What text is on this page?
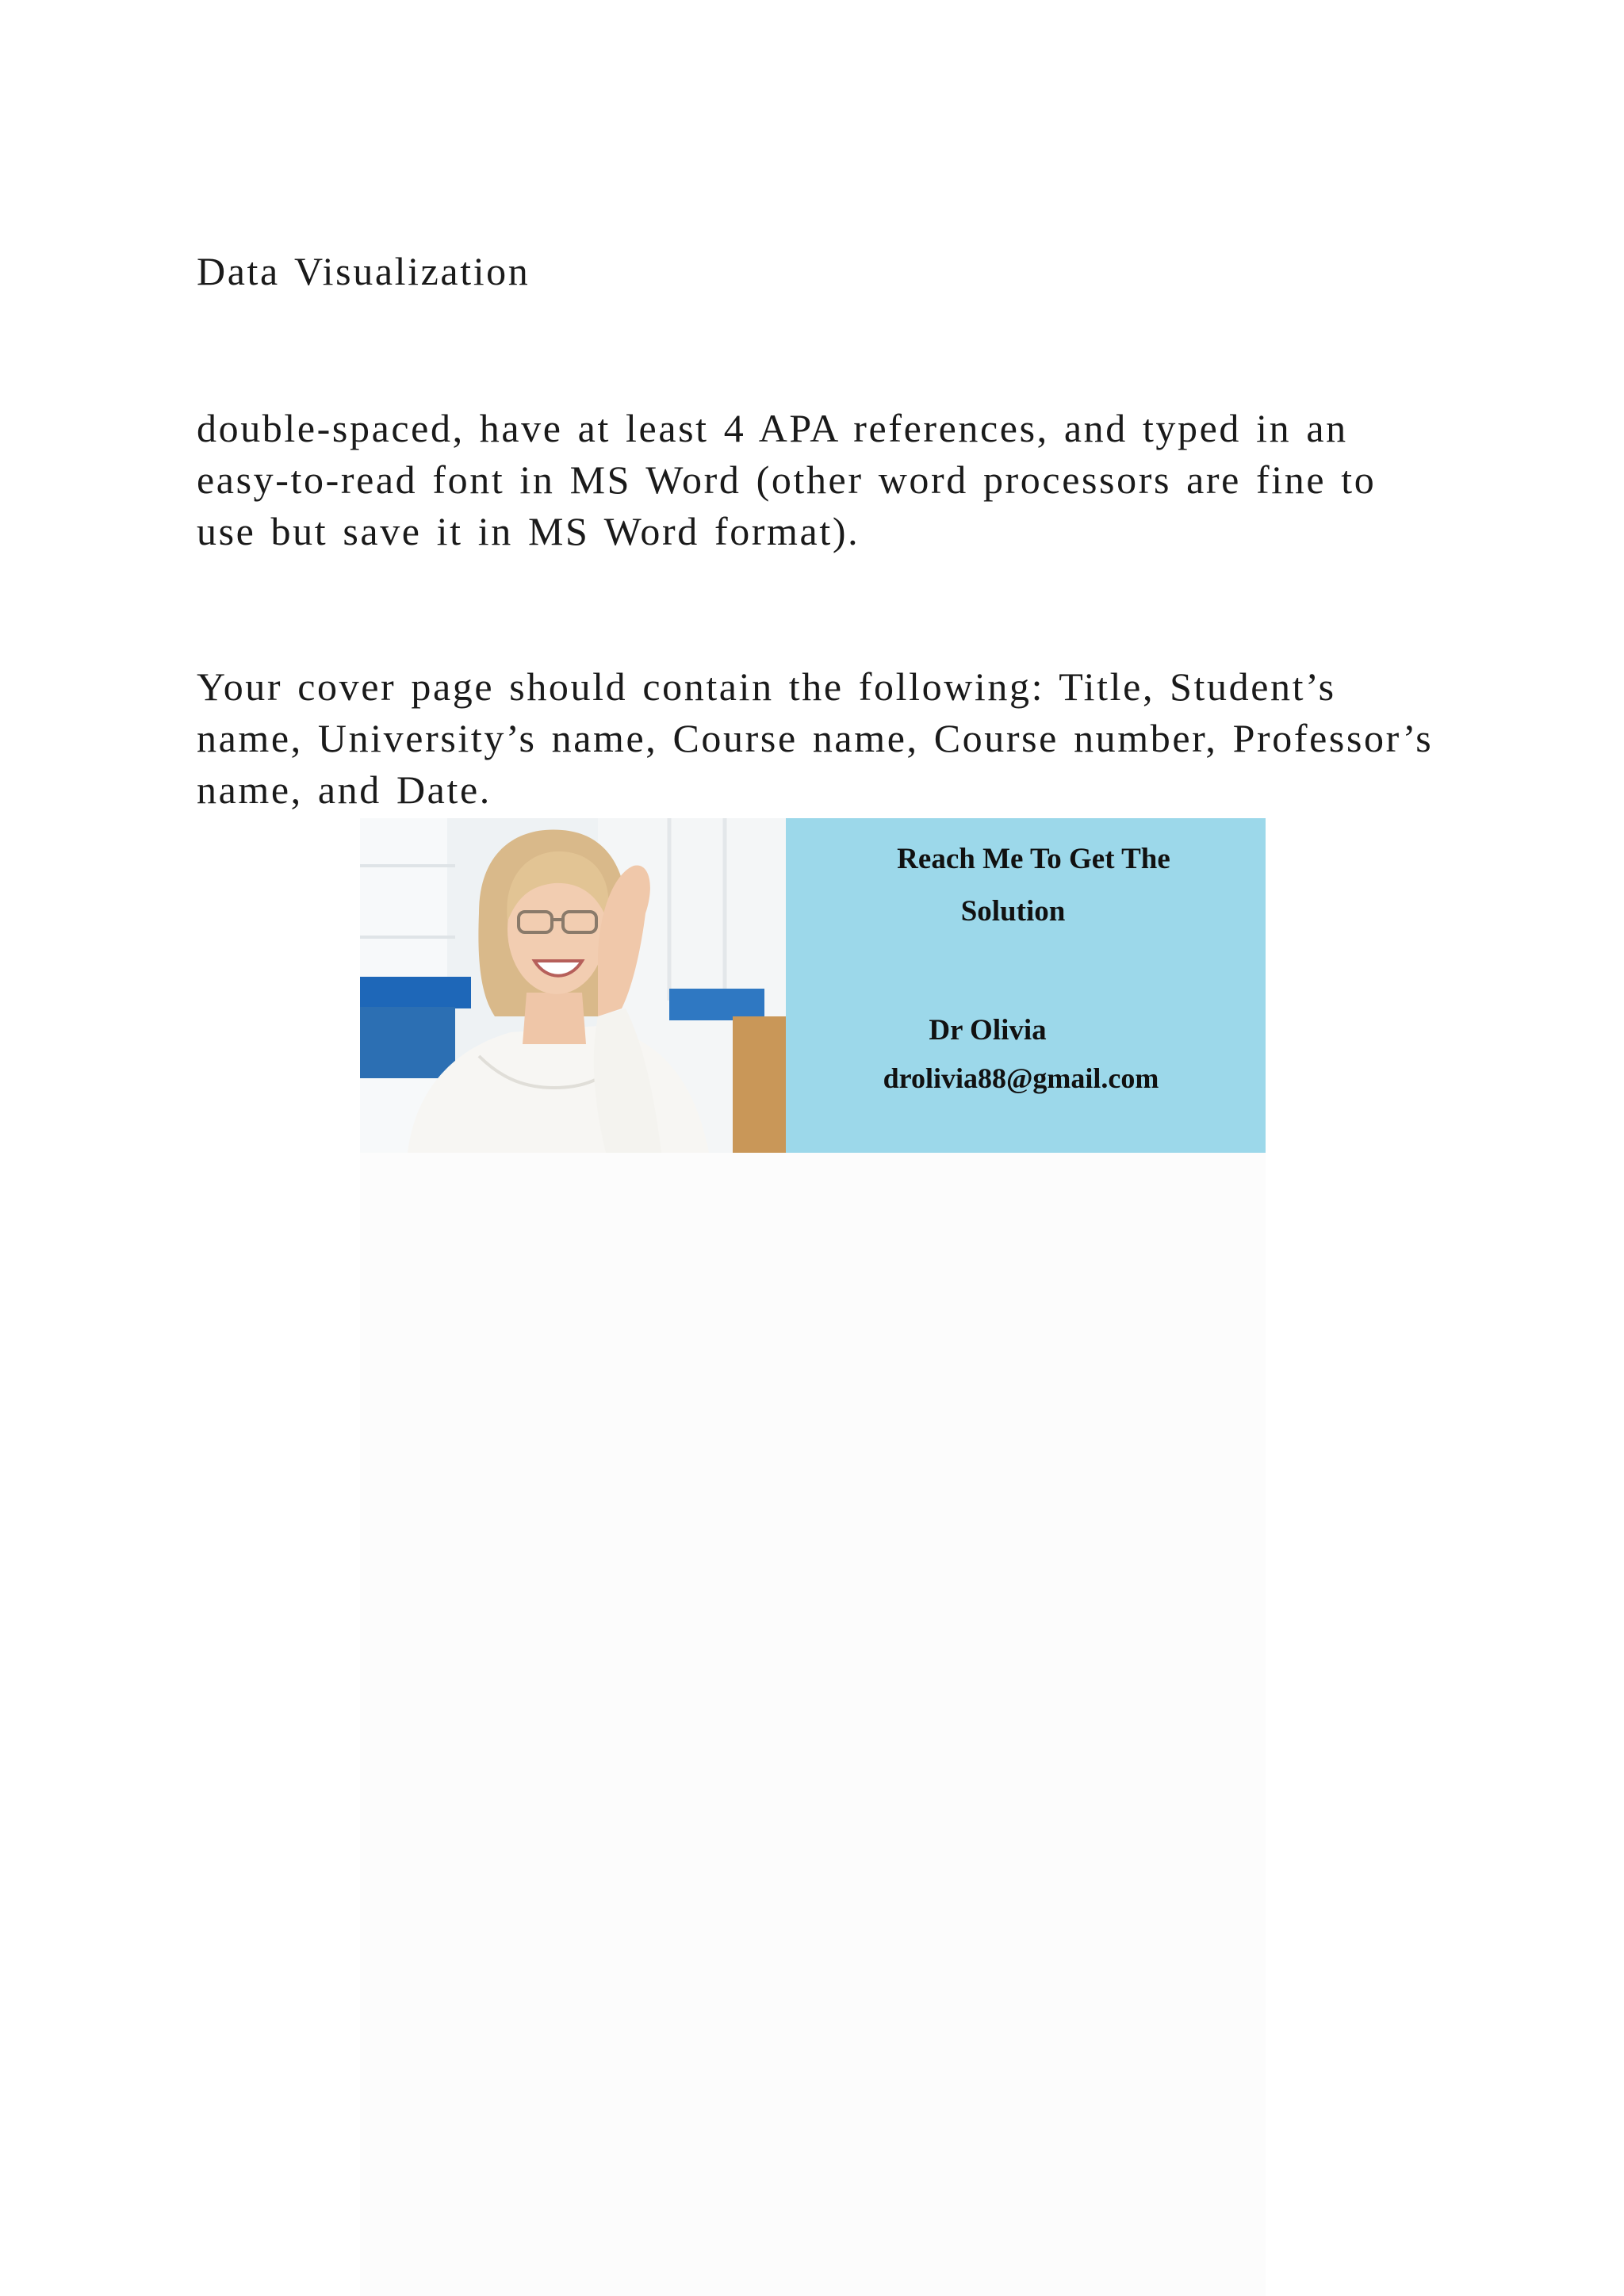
Data Visualization

double-spaced, have at least 4 APA references, and typed in an easy-to-read font in MS Word (other word processors are fine to use but save it in MS Word format).

Your cover page should contain the following: Title, Student’s name, University’s name, Course name, Course number, Professor’s name, and Date.

Reach Me To Get The
Solution
Dr Olivia
drolivia88@gmail.com
